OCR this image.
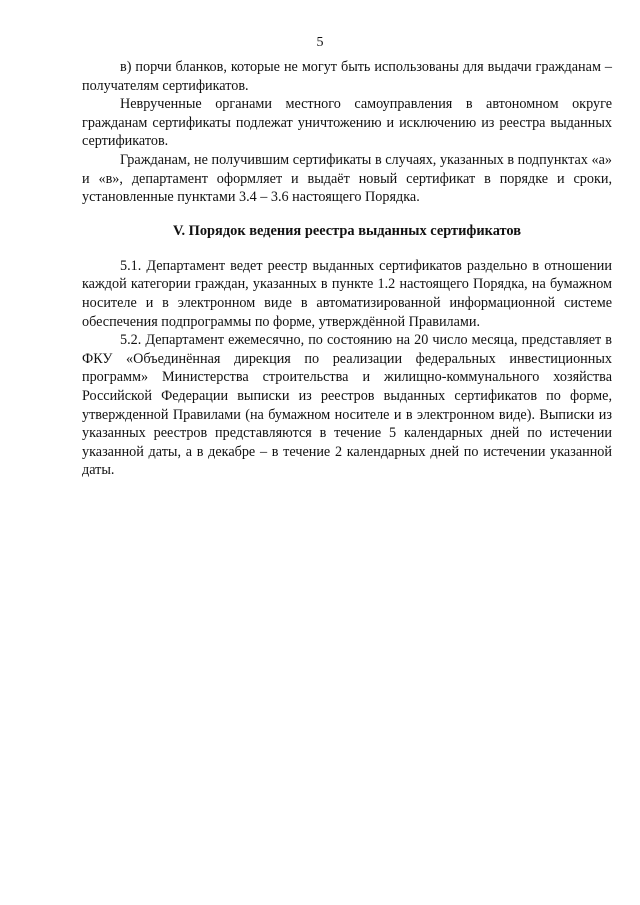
5

в) порчи бланков, которые не могут быть использованы для выдачи гражданам – получателям сертификатов.

Неврученные органами местного самоуправления в автономном округе гражданам сертификаты подлежат уничтожению и исключению из реестра выданных сертификатов.

Гражданам, не получившим сертификаты в случаях, указанных в подпунктах «а» и «в», департамент оформляет и выдаёт новый сертификат в порядке и сроки, установленные пунктами 3.4 – 3.6 настоящего Порядка.

V. Порядок ведения реестра выданных сертификатов

5.1. Департамент ведет реестр выданных сертификатов раздельно в отношении каждой категории граждан, указанных в пункте 1.2 настоящего Порядка, на бумажном носителе и в электронном виде в автоматизированной информационной системе обеспечения подпрограммы по форме, утверждённой Правилами.

5.2. Департамент ежемесячно, по состоянию на 20 число месяца, представляет в ФКУ «Объединённая дирекция по реализации федеральных инвестиционных программ» Министерства строительства и жилищно-коммунального хозяйства Российской Федерации выписки из реестров выданных сертификатов по форме, утвержденной Правилами (на бумажном носителе и в электронном виде). Выписки из указанных реестров представляются в течение 5 календарных дней по истечении указанной даты, а в декабре – в течение 2 календарных дней по истечении указанной даты.
